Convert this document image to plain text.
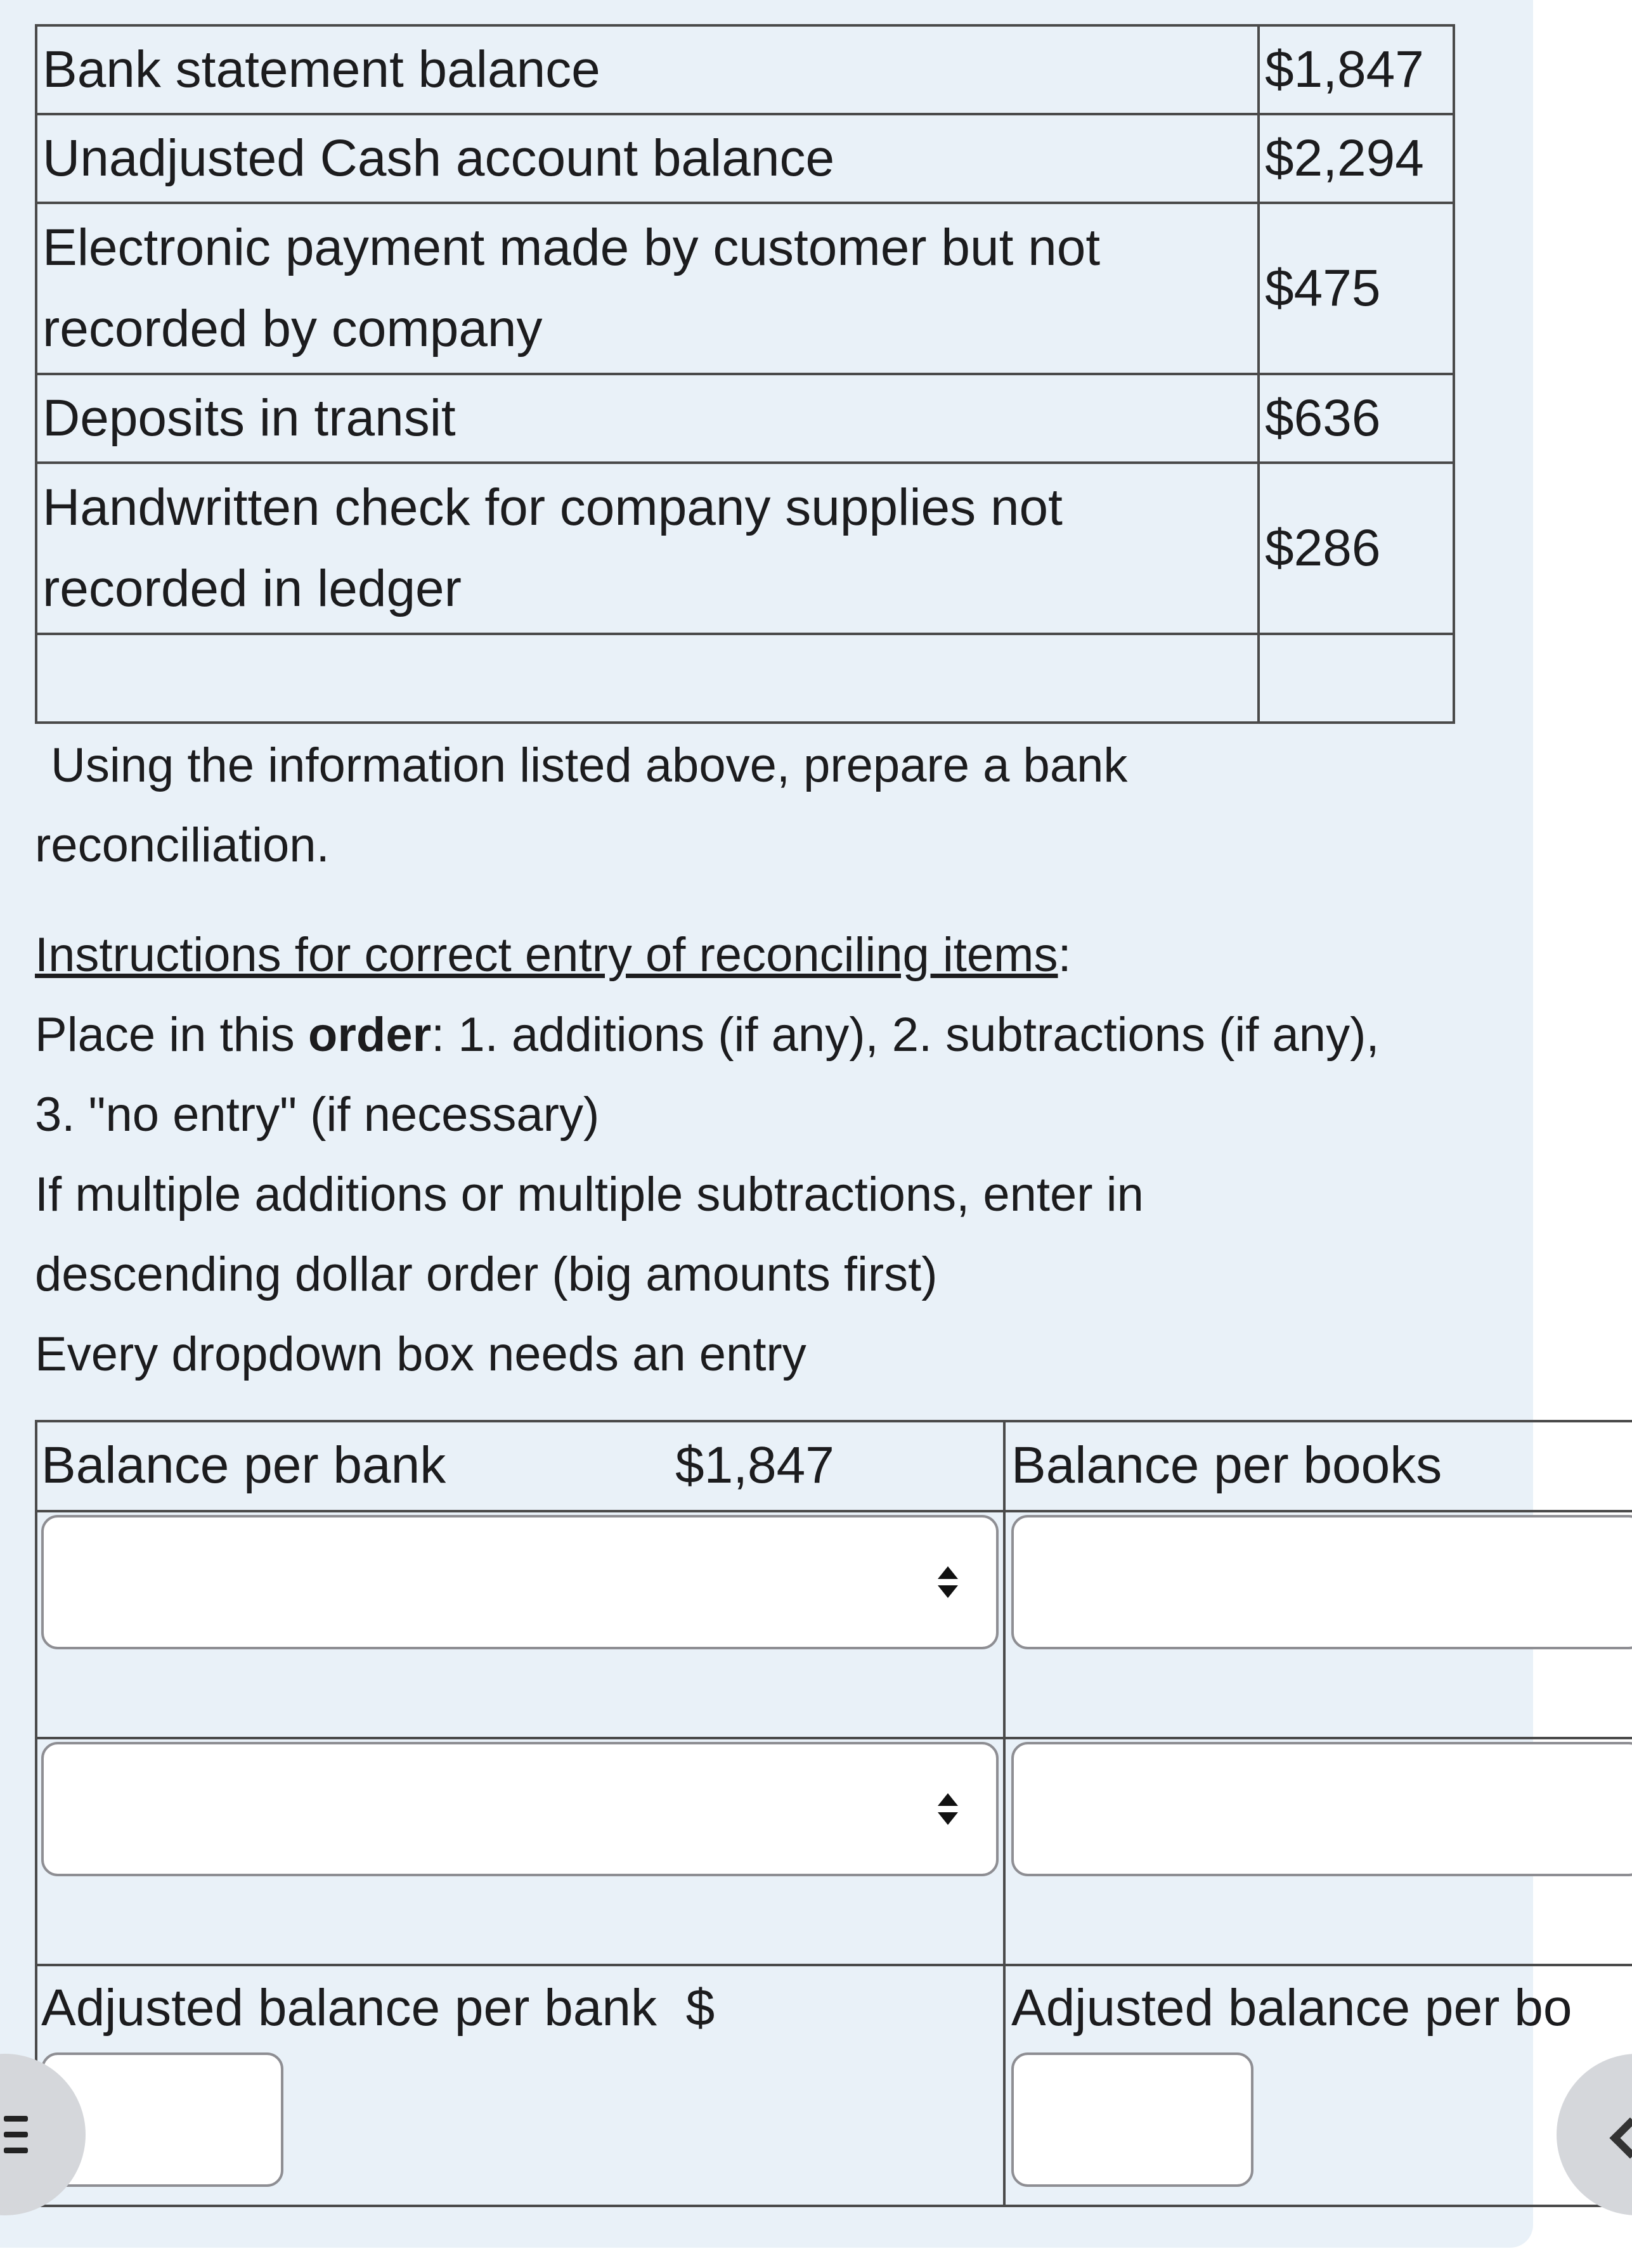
Bank statement balance	$1,847
Unadjusted Cash account balance	$2,294
Electronic payment made by customer but not recorded by company	$475
Deposits in transit	$636
Handwritten check for company supplies not recorded in ledger	$286

Using the information listed above, prepare a bank reconciliation.
Instructions for correct entry of reconciling items:
Place in this order: 1. additions (if any), 2. subtractions (if any), 3. "no entry" (if necessary)
If multiple additions or multiple subtractions, enter in descending dollar order (big amounts first)
Every dropdown box needs an entry
Balance per bank	$1,847	Balance per books
Adjusted balance per bank  $	Adjusted balance per bo
